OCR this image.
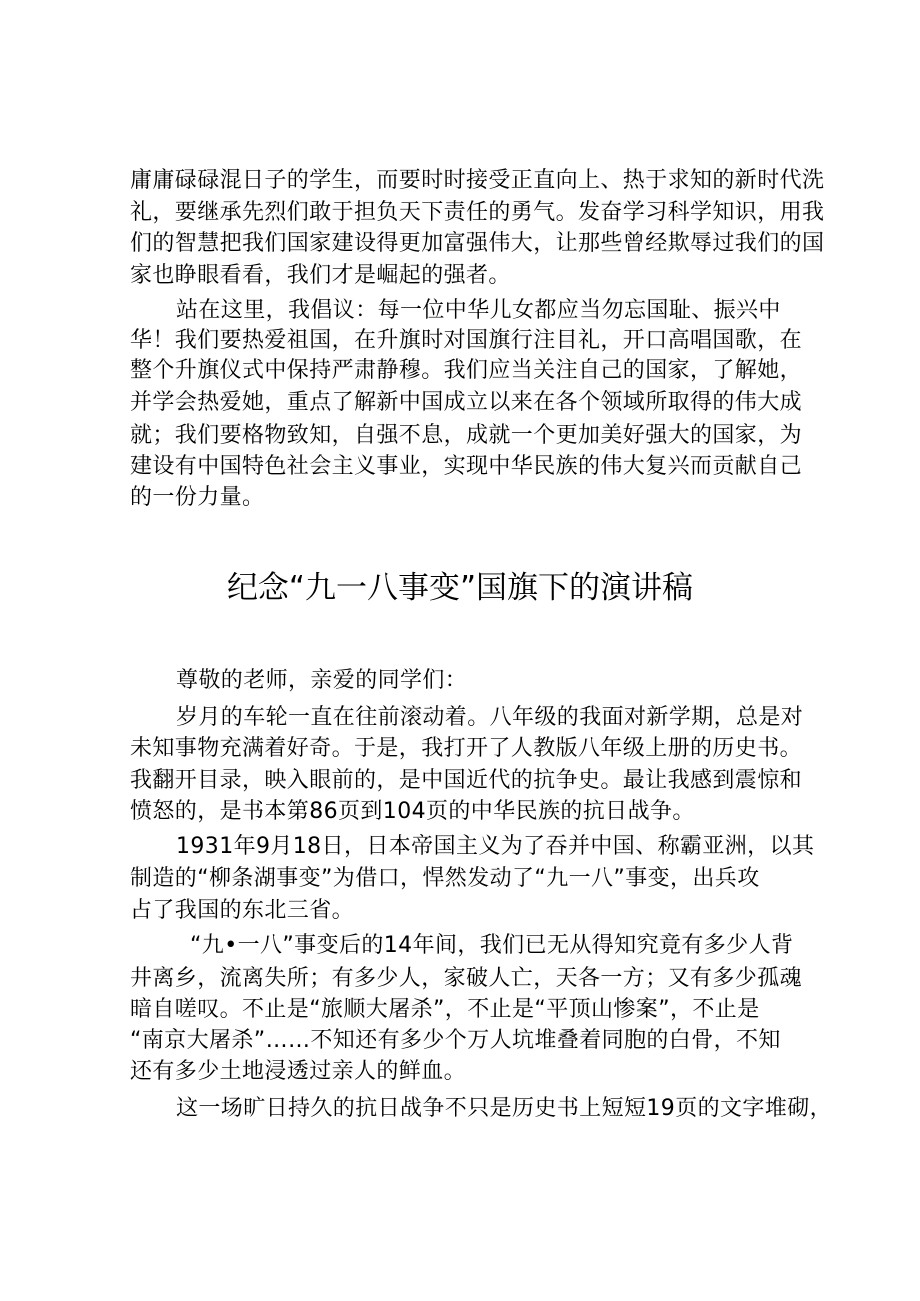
庸庸碌碌混日子的学生，而要时时接受正直向上、热于求知的新时代洗
礼，要继承先烈们敢于担负天下责任的勇气。发奋学习科学知识，用我
们的智慧把我们国家建设得更加富强伟大，让那些曾经欺辱过我们的国
家也睁眼看看，我们才是崛起的强者。
站在这里，我倡议：每一位中华儿女都应当勿忘国耻、振兴中
华！我们要热爱祖国，在升旗时对国旗行注目礼，开口高唱国歌，在
整个升旗仪式中保持严肃静穆。我们应当关注自己的国家，了解她，
并学会热爱她，重点了解新中国成立以来在各个领域所取得的伟大成
就；我们要格物致知，自强不息，成就一个更加美好强大的国家，为
建设有中国特色社会主义事业，实现中华民族的伟大复兴而贡献自己
的一份力量。
纪念“九一八事变”国旗下的演讲稿
尊敬的老师，亲爱的同学们：
岁月的车轮一直在往前滚动着。八年级的我面对新学期，总是对
未知事物充满着好奇。于是，我打开了人教版八年级上册的历史书。
我翻开目录，映入眼前的，是中国近代的抗争史。最让我感到震惊和
愤怒的，是书本第86页到104页的中华民族的抗日战争。
1931年9月18日，日本帝国主义为了吞并中国、称霸亚洲，以其
制造的“柳条湖事变”为借口，悍然发动了“九一八”事变，出兵攻
占了我国的东北三省。
“九•一八”事变后的14年间，我们已无从得知究竟有多少人背
井离乡，流离失所；有多少人，家破人亡，天各一方；又有多少孤魂
暗自嗟叹。不止是“旅顺大屠杀”，不止是“平顶山惨案”，不止是
“南京大屠杀”……不知还有多少个万人坑堆叠着同胞的白骨，不知
还有多少土地浸透过亲人的鲜血。
这一场旷日持久的抗日战争不只是历史书上短短19页的文字堆砌，
